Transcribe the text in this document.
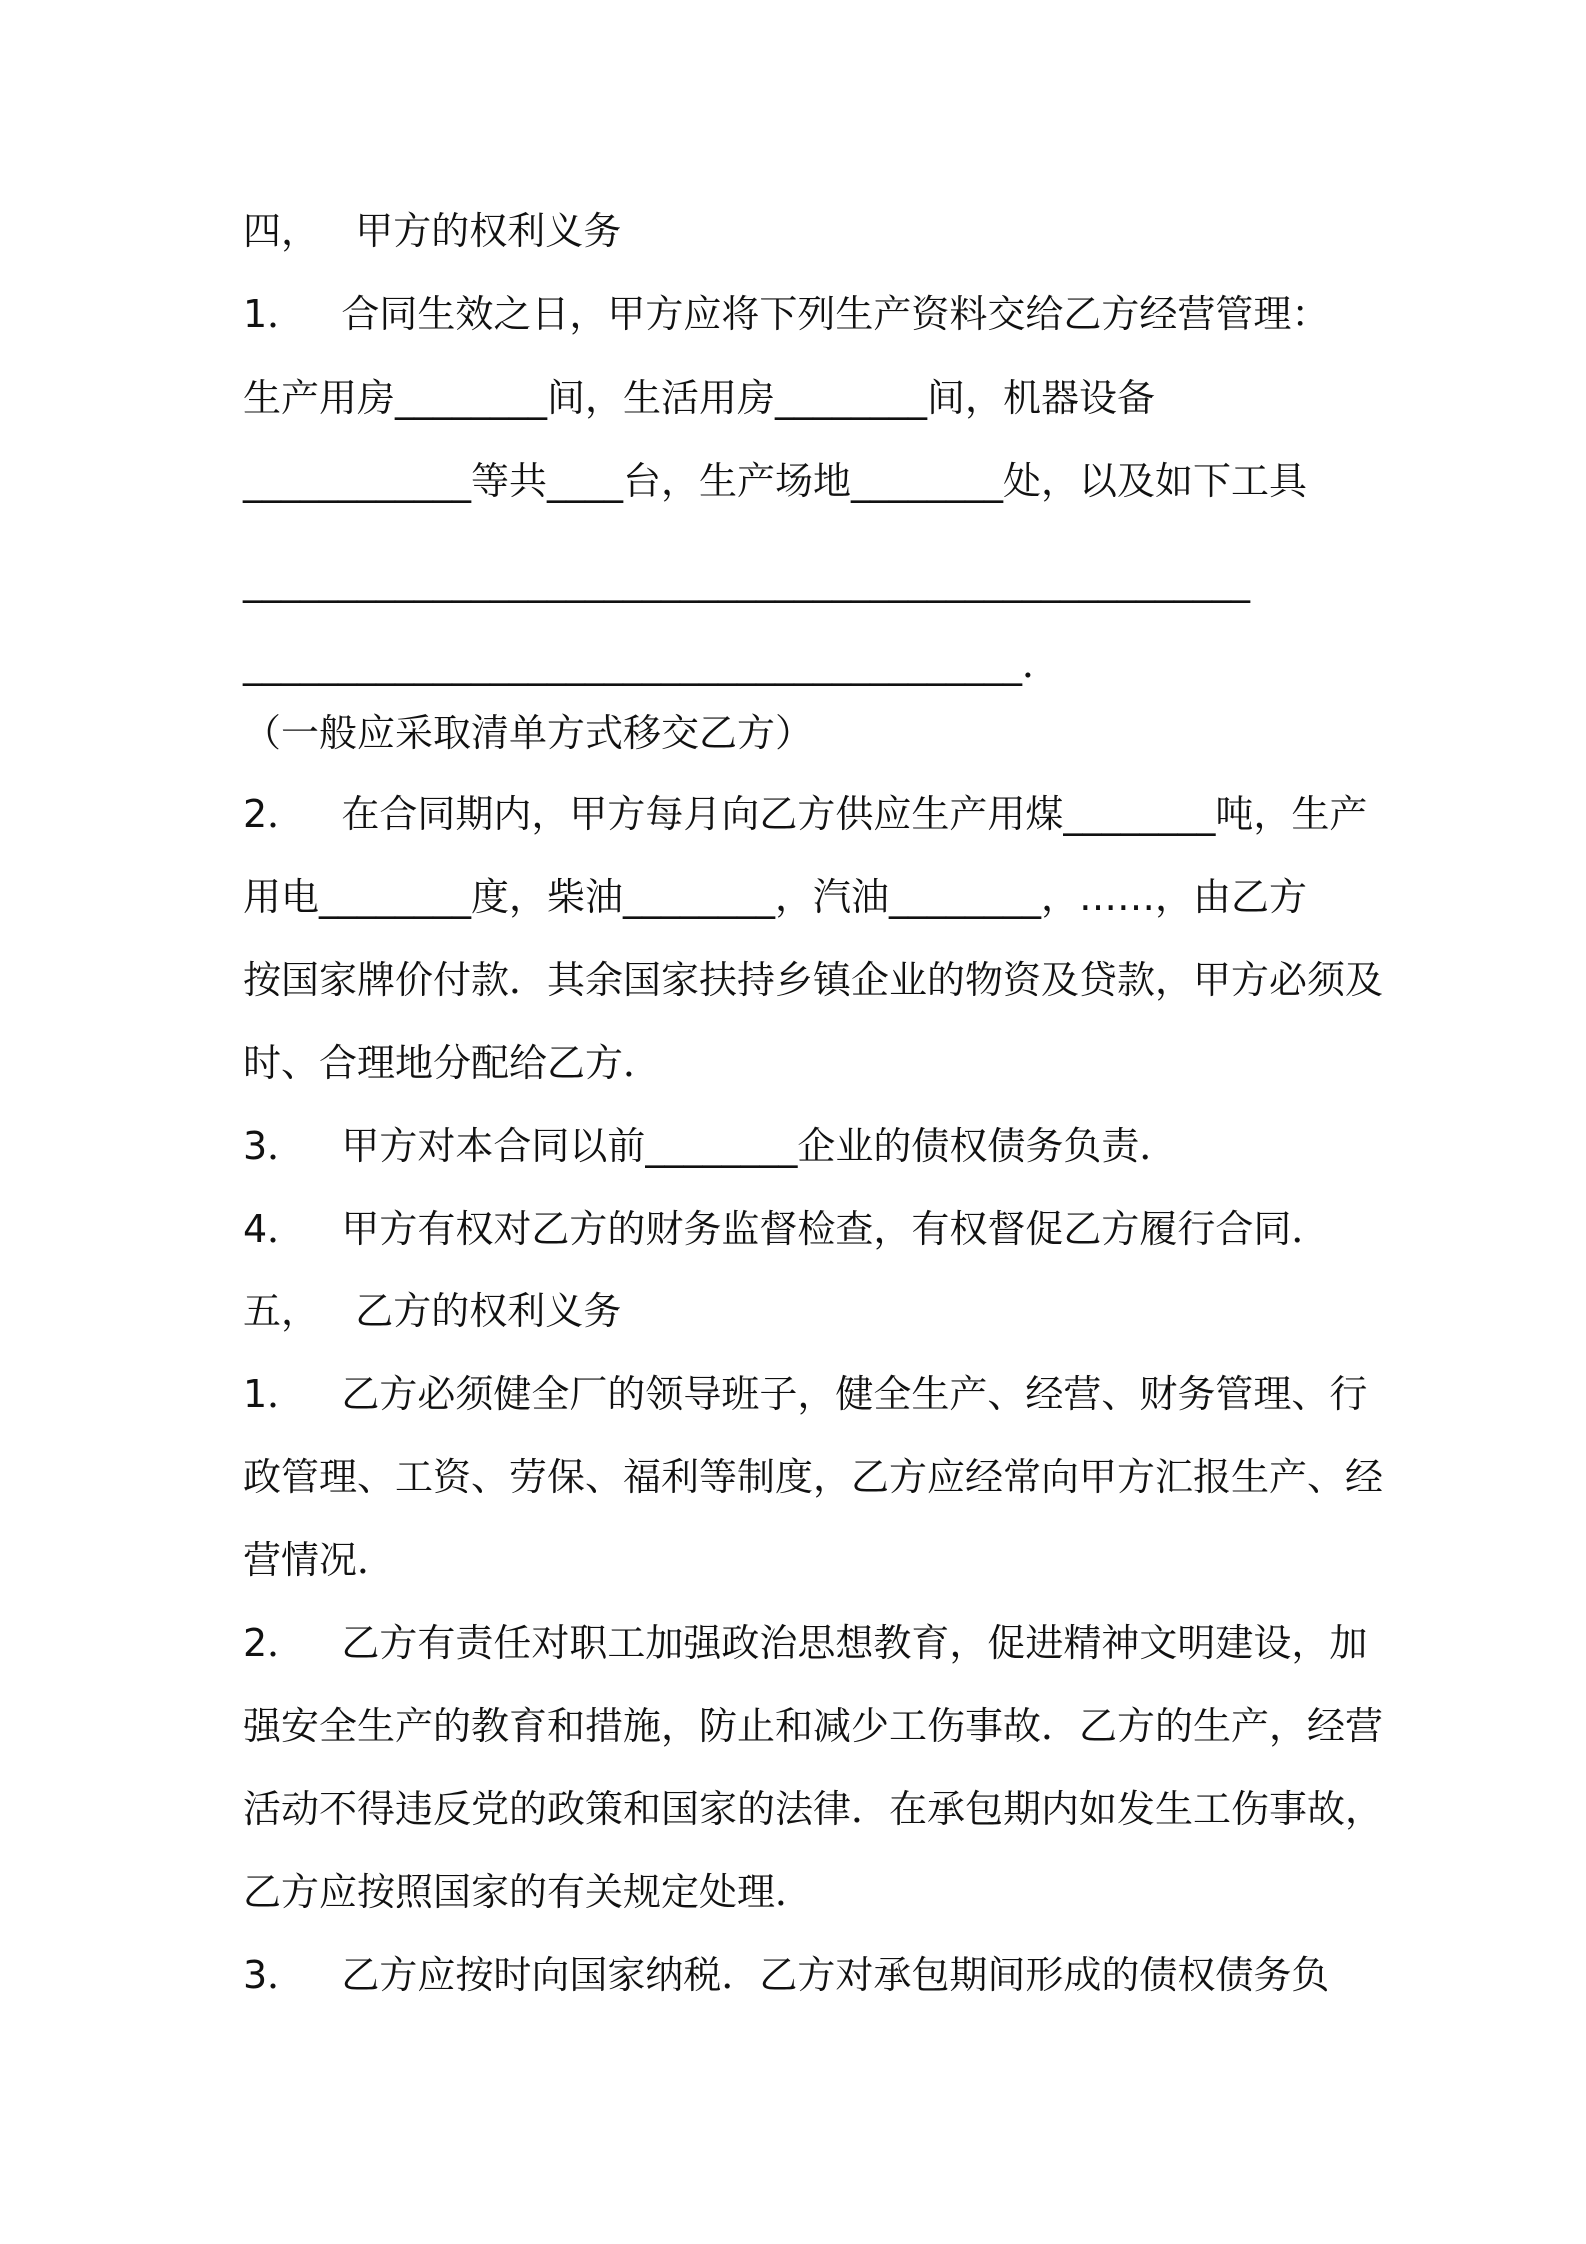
四，   甲方的权利义务
1．   合同生效之日，甲方应将下列生产资料交给乙方经营管理：
生产用房________间，生活用房________间，机器设备
____________等共____台，生产场地________处，以及如下工具
_____________________________________________________
_________________________________________．
（一般应采取清单方式移交乙方）
2．   在合同期内，甲方每月向乙方供应生产用煤________吨，生产
用电________度，柴油________，汽油________，……，由乙方
按国家牌价付款．其余国家扶持乡镇企业的物资及贷款，甲方必须及
时、合理地分配给乙方．
3．   甲方对本合同以前________企业的债权债务负责．
4．   甲方有权对乙方的财务监督检查，有权督促乙方履行合同．
五，   乙方的权利义务
1．   乙方必须健全厂的领导班子，健全生产、经营、财务管理、行
政管理、工资、劳保、福利等制度，乙方应经常向甲方汇报生产、经
营情况．
2．   乙方有责任对职工加强政治思想教育，促进精神文明建设，加
强安全生产的教育和措施，防止和减少工伤事故．乙方的生产，经营
活动不得违反党的政策和国家的法律．在承包期内如发生工伤事故，
乙方应按照国家的有关规定处理．
3．   乙方应按时向国家纳税．乙方对承包期间形成的债权债务负
